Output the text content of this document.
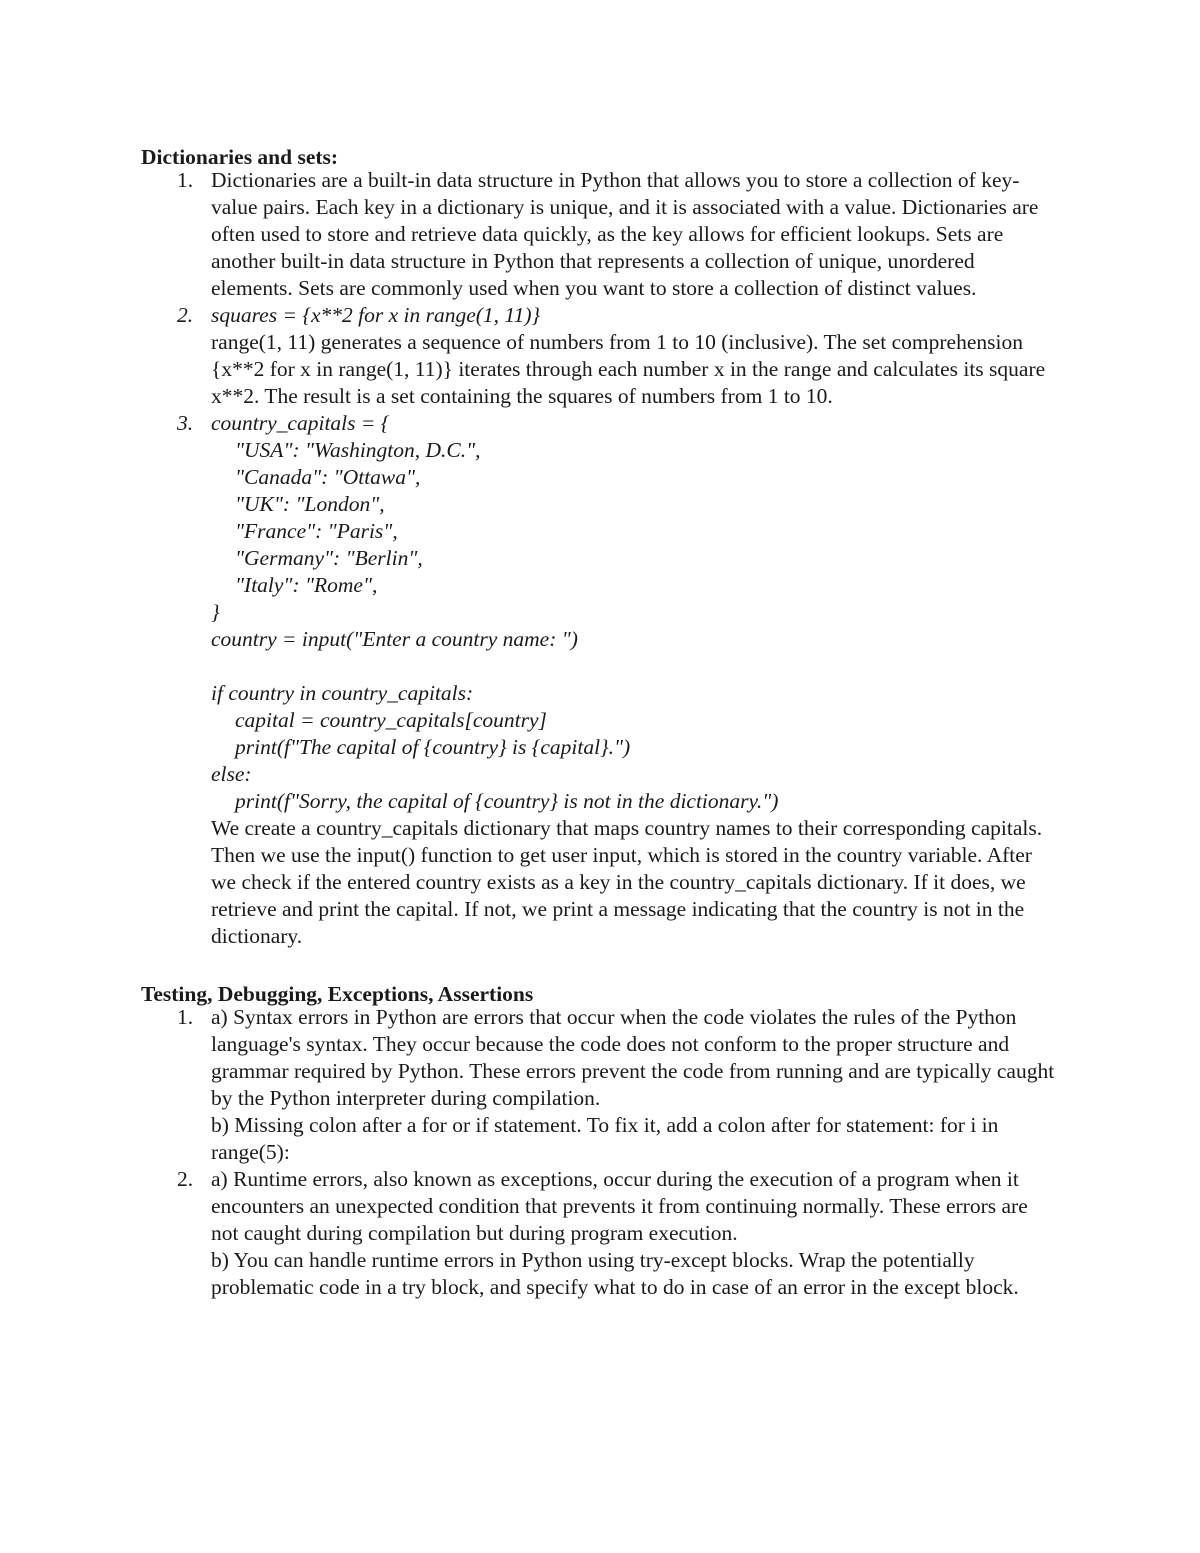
Dictionaries and sets:
1. Dictionaries are a built-in data structure in Python that allows you to store a collection of key-value pairs. Each key in a dictionary is unique, and it is associated with a value. Dictionaries are often used to store and retrieve data quickly, as the key allows for efficient lookups. Sets are another built-in data structure in Python that represents a collection of unique, unordered elements. Sets are commonly used when you want to store a collection of distinct values.

2. squares = {x**2 for x in range(1, 11)}

range(1, 11) generates a sequence of numbers from 1 to 10 (inclusive). The set comprehension {x**2 for x in range(1, 11)} iterates through each number x in the range and calculates its square x**2. The result is a set containing the squares of numbers from 1 to 10.

3. country_capitals = {

"USA": "Washington, D.C.",

"Canada": "Ottawa",

"UK": "London",

"France": "Paris",

"Germany": "Berlin",

"Italy": "Rome",

}

country = input("Enter a country name: ")

if country in country_capitals:

capital = country_capitals[country]

print(f"The capital of {country} is {capital}.")

else:

print(f"Sorry, the capital of {country} is not in the dictionary.")

We create a country_capitals dictionary that maps country names to their corresponding capitals. Then we use the input() function to get user input, which is stored in the country variable. After we check if the entered country exists as a key in the country_capitals dictionary. If it does, we retrieve and print the capital. If not, we print a message indicating that the country is not in the dictionary.

Testing, Debugging, Exceptions, Assertions
1. a) Syntax errors in Python are errors that occur when the code violates the rules of the Python language's syntax. They occur because the code does not conform to the proper structure and grammar required by Python. These errors prevent the code from running and are typically caught by the Python interpreter during compilation.

b) Missing colon after a for or if statement. To fix it, add a colon after for statement: for i in range(5):

2. a) Runtime errors, also known as exceptions, occur during the execution of a program when it encounters an unexpected condition that prevents it from continuing normally. These errors are not caught during compilation but during program execution.

b) You can handle runtime errors in Python using try-except blocks. Wrap the potentially problematic code in a try block, and specify what to do in case of an error in the except block.
